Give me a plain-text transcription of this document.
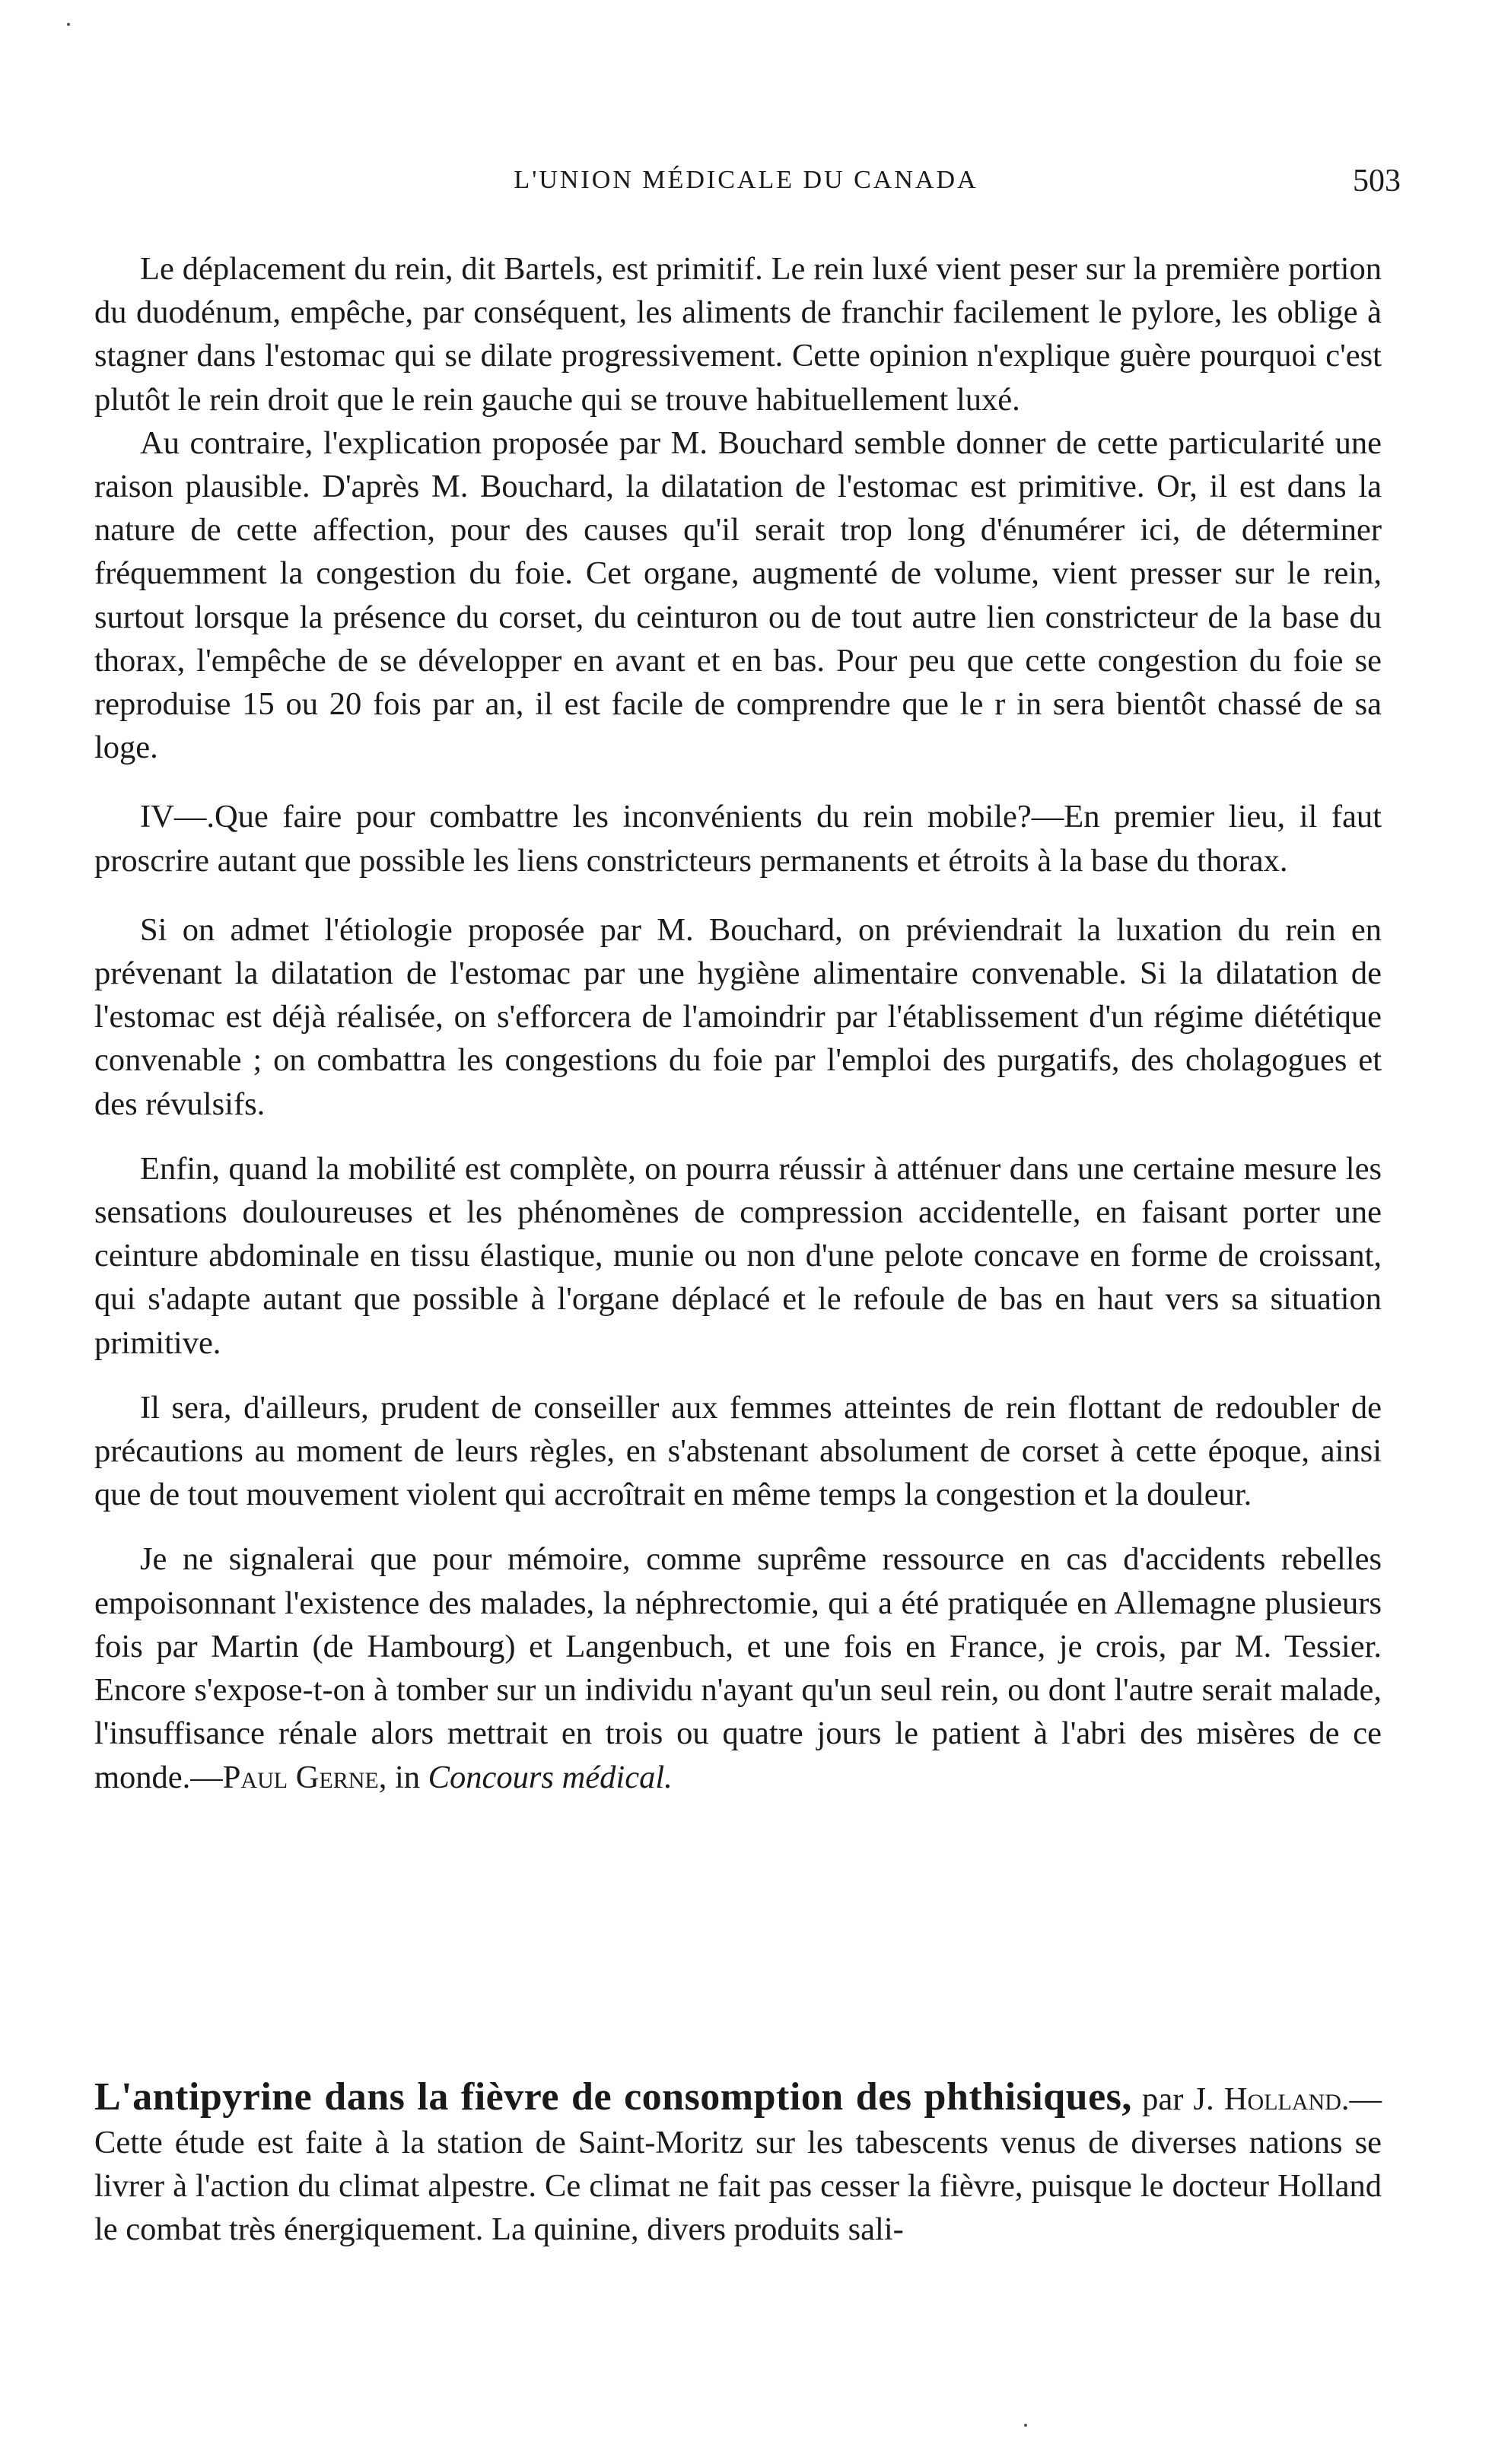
L'UNION MÉDICALE DU CANADA	503

Le déplacement du rein, dit Bartels, est primitif. Le rein luxé vient peser sur la première portion du duodénum, empêche, par conséquent, les aliments de franchir facilement le pylore, les oblige à stagner dans l'estomac qui se dilate progressivement. Cette opinion n'explique guère pourquoi c'est plutôt le rein droit que le rein gauche qui se trouve habituellement luxé.

Au contraire, l'explication proposée par M. Bouchard semble donner de cette particularité une raison plausible. D'après M. Bouchard, la dilatation de l'estomac est primitive. Or, il est dans la nature de cette affection, pour des causes qu'il serait trop long d'énumérer ici, de déterminer fréquemment la congestion du foie. Cet organe, augmenté de volume, vient presser sur le rein, surtout lorsque la présence du corset, du ceinturon ou de tout autre lien constricteur de la base du thorax, l'empêche de se développer en avant et en bas. Pour peu que cette congestion du foie se reproduise 15 ou 20 fois par an, il est facile de comprendre que le r in sera bientôt chassé de sa loge.

IV—.Que faire pour combattre les inconvénients du rein mobile?—En premier lieu, il faut proscrire autant que possible les liens constricteurs permanents et étroits à la base du thorax.

Si on admet l'étiologie proposée par M. Bouchard, on préviendrait la luxation du rein en prévenant la dilatation de l'estomac par une hygiène alimentaire convenable. Si la dilatation de l'estomac est déjà réalisée, on s'efforcera de l'amoindrir par l'établissement d'un régime diététique convenable ; on combattra les congestions du foie par l'emploi des purgatifs, des cholagogues et des révulsifs.

Enfin, quand la mobilité est complète, on pourra réussir à atténuer dans une certaine mesure les sensations douloureuses et les phénomènes de compression accidentelle, en faisant porter une ceinture abdominale en tissu élastique, munie ou non d'une pelote concave en forme de croissant, qui s'adapte autant que possible à l'organe déplacé et le refoule de bas en haut vers sa situation primitive.

Il sera, d'ailleurs, prudent de conseiller aux femmes atteintes de rein flottant de redoubler de précautions au moment de leurs règles, en s'abstenant absolument de corset à cette époque, ainsi que de tout mouvement violent qui accroîtrait en même temps la congestion et la douleur.

Je ne signalerai que pour mémoire, comme suprême ressource en cas d'accidents rebelles empoisonnant l'existence des malades, la néphrectomie, qui a été pratiquée en Allemagne plusieurs fois par Martin (de Hambourg) et Langenbuch, et une fois en France, je crois, par M. Tessier. Encore s'expose-t-on à tomber sur un individu n'ayant qu'un seul rein, ou dont l'autre serait malade, l'insuffisance rénale alors mettrait en trois ou quatre jours le patient à l'abri des misères de ce monde.—Paul Gerne, in Concours médical.

L'antipyrine dans la fièvre de consomption des phthisiques, par J. Holland.—Cette étude est faite à la station de Saint-Moritz sur les tabescents venus de diverses nations se livrer à l'action du climat alpestre. Ce climat ne fait pas cesser la fièvre, puisque le docteur Holland le combat très énergiquement. La quinine, divers produits sali-
